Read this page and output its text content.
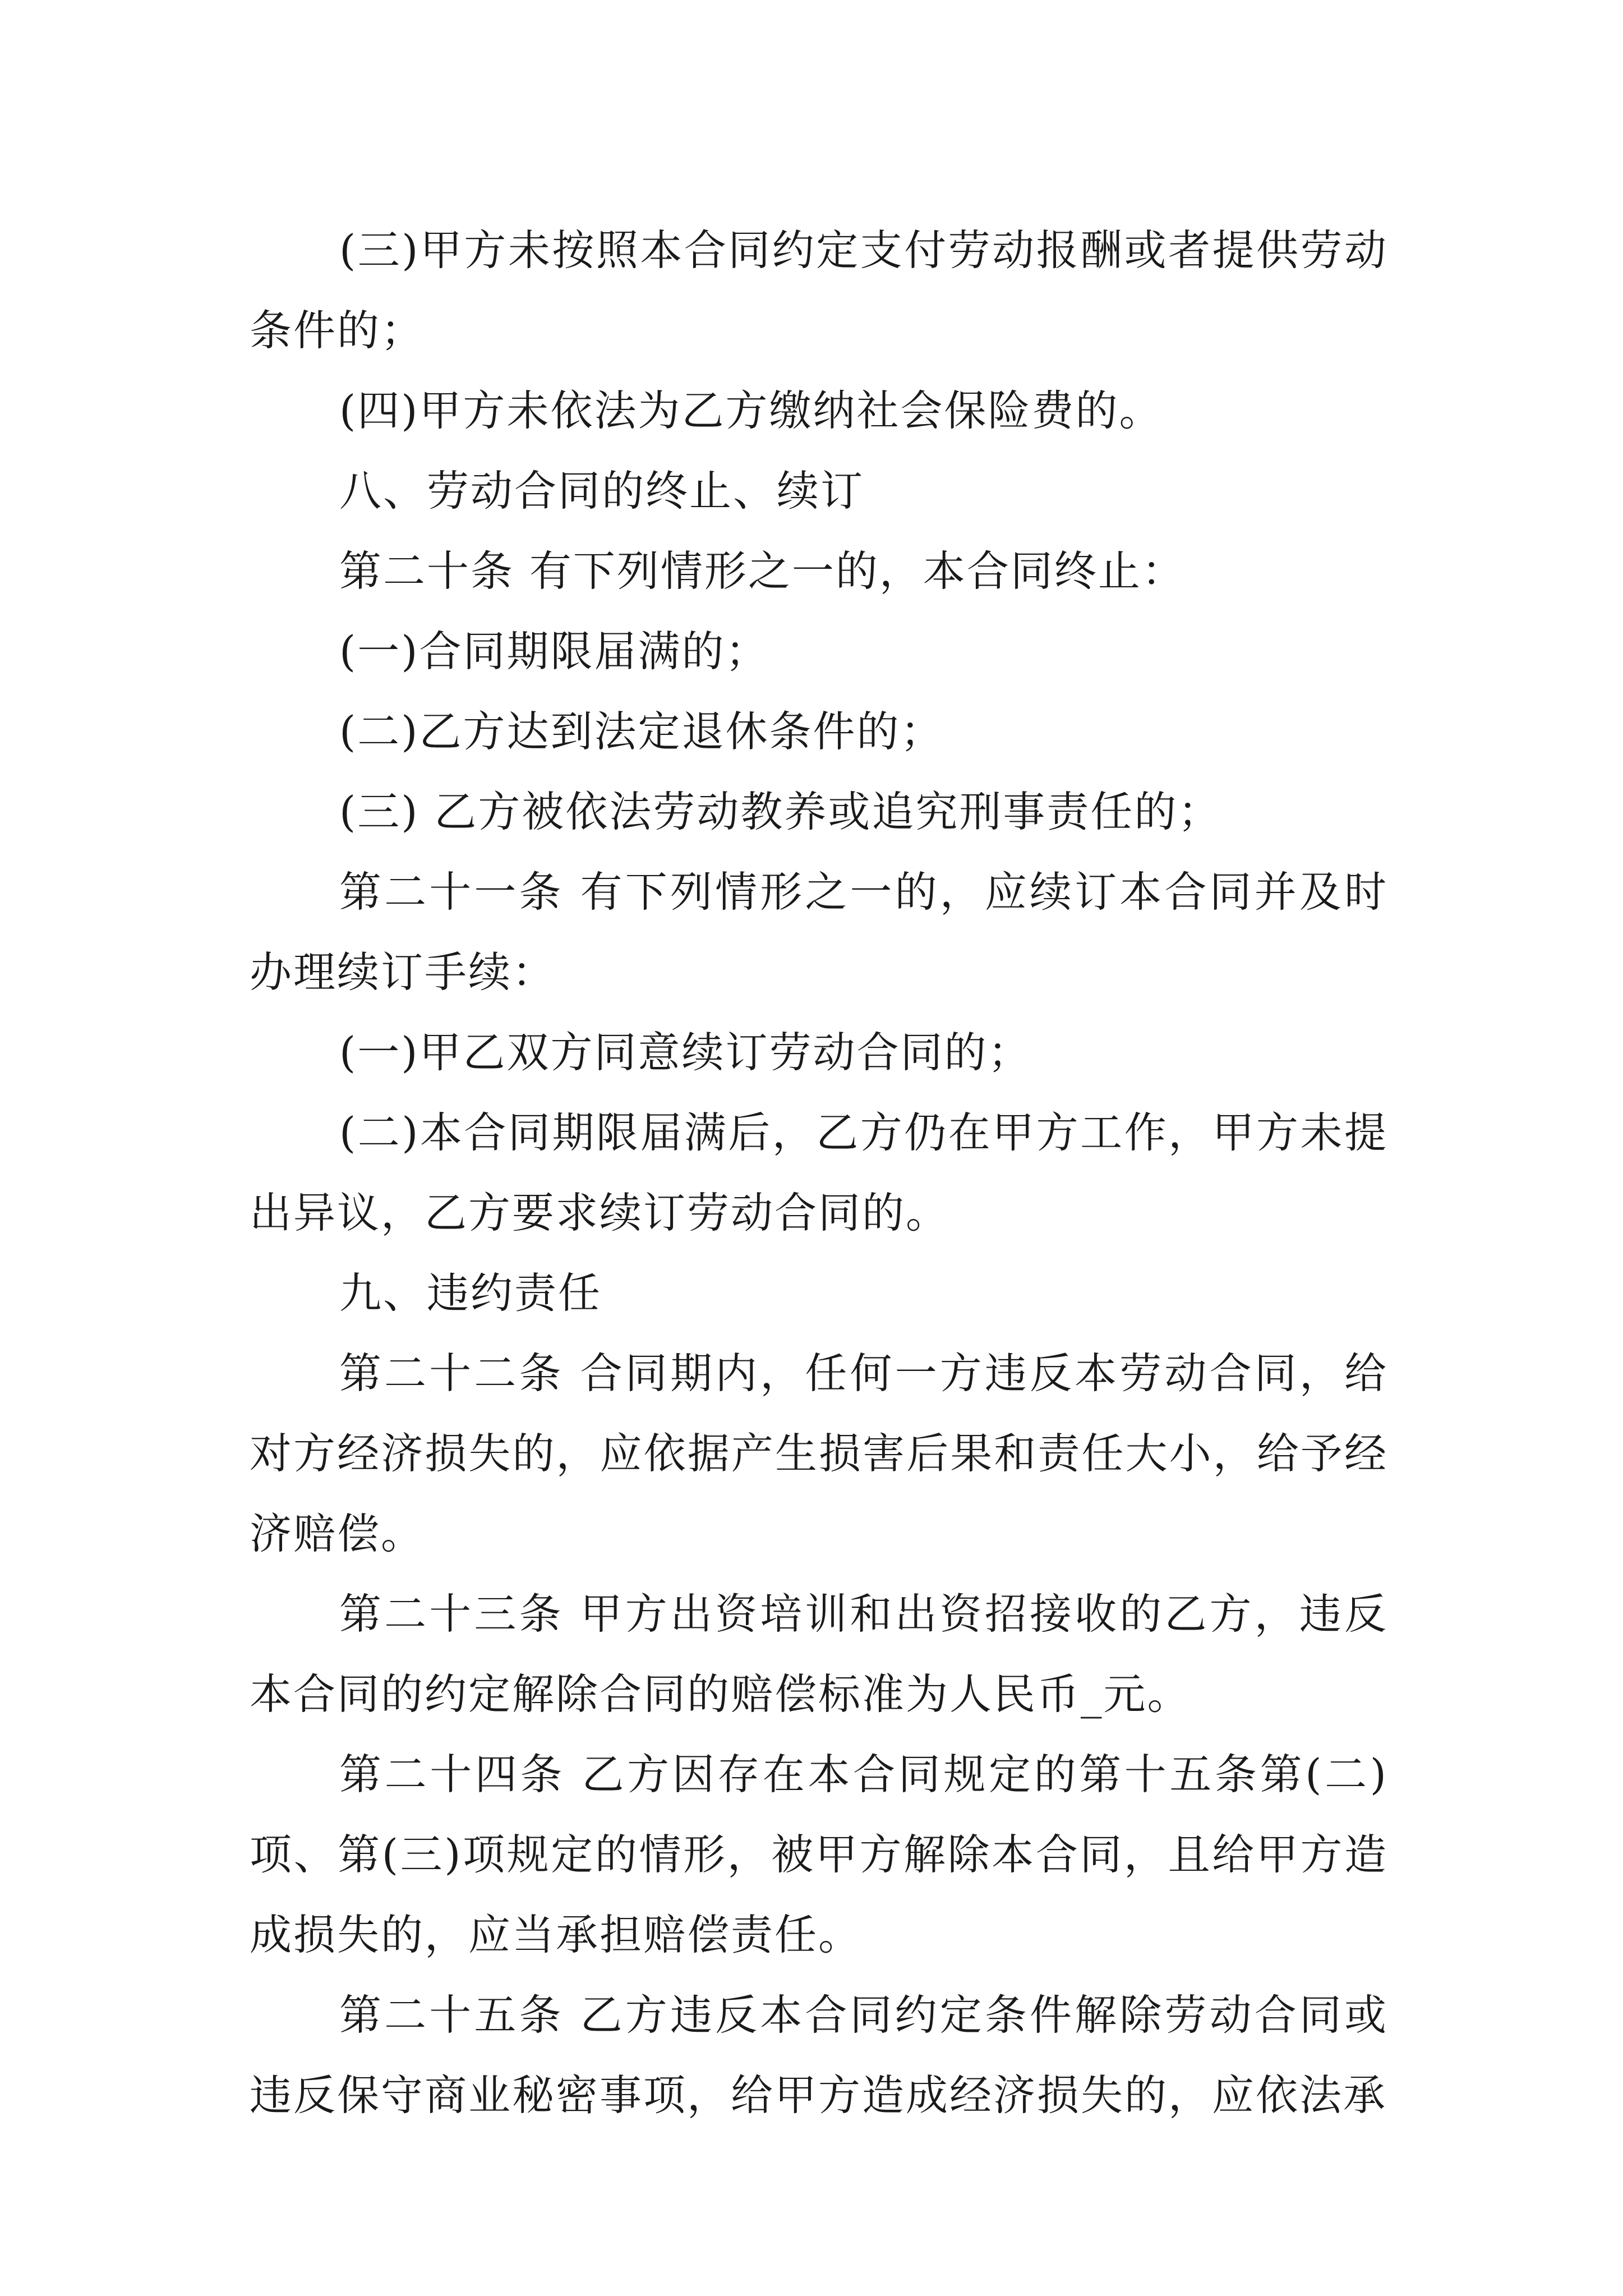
(三)甲方未按照本合同约定支付劳动报酬或者提供劳动条件的；

(四)甲方未依法为乙方缴纳社会保险费的。

八、劳动合同的终止、续订

第二十条 有下列情形之一的，本合同终止：

(一)合同期限届满的；

(二)乙方达到法定退休条件的；

(三) 乙方被依法劳动教养或追究刑事责任的；

第二十一条 有下列情形之一的，应续订本合同并及时办理续订手续：

(一)甲乙双方同意续订劳动合同的；

(二)本合同期限届满后，乙方仍在甲方工作，甲方未提出异议，乙方要求续订劳动合同的。

九、违约责任

第二十二条 合同期内，任何一方违反本劳动合同，给对方经济损失的，应依据产生损害后果和责任大小，给予经济赔偿。

第二十三条 甲方出资培训和出资招接收的乙方，违反本合同的约定解除合同的赔偿标准为人民币_元。

第二十四条 乙方因存在本合同规定的第十五条第(二)项、第(三)项规定的情形，被甲方解除本合同，且给甲方造成损失的，应当承担赔偿责任。

第二十五条 乙方违反本合同约定条件解除劳动合同或违反保守商业秘密事项，给甲方造成经济损失的，应依法承
